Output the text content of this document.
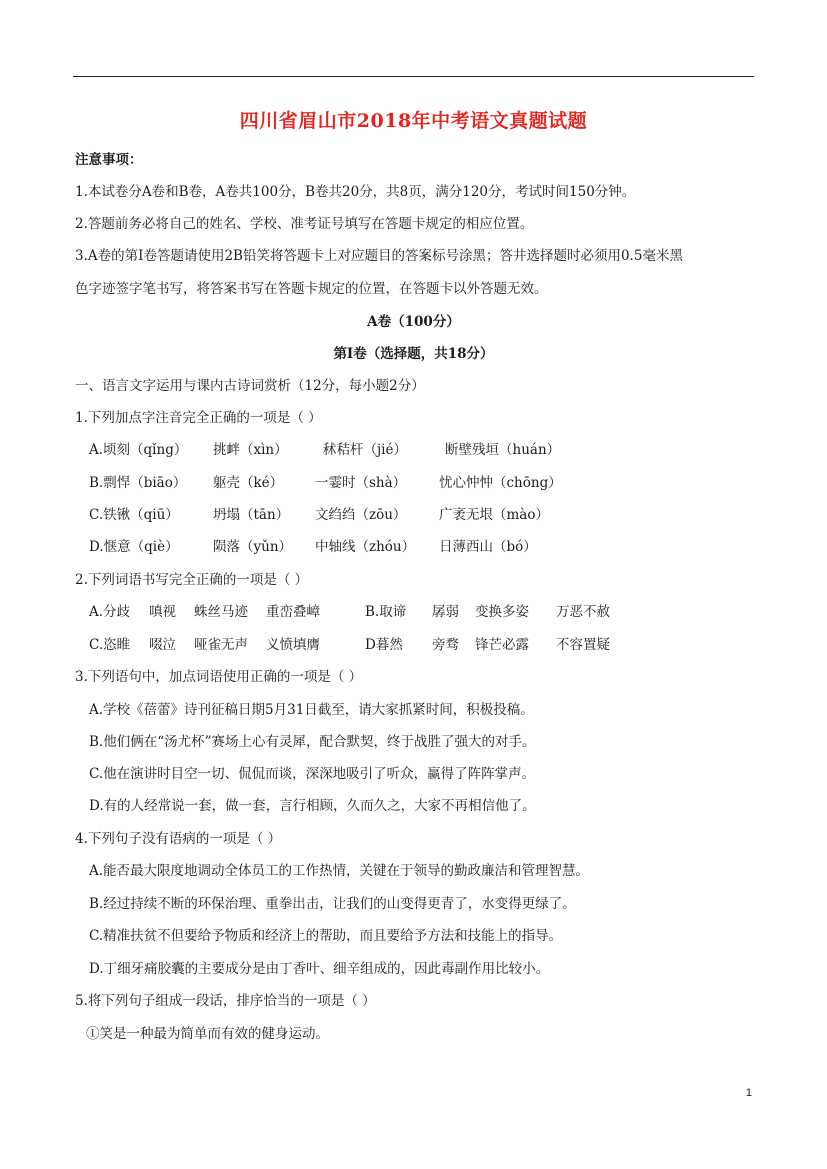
四川省眉山市2018年中考语文真题试题
注意事项：
1.本试卷分A卷和B卷，A卷共100分，B卷共20分，共8页，满分120分，考试时间150分钟。
2.答题前务必将自己的姓名、学校、准考证号填写在答题卡规定的相应位置。
3.A卷的第Ⅰ卷答题请使用2B铅笑将答题卡上对应题目的答案标号涂黑；答井选择题时必须用0.5毫米黑
色字迹签字笔书写，将答案书写在答题卡规定的位置，在答题卡以外答题无效。
A卷（100分）
第Ⅰ卷（选择题，共18分）
一、语言文字运用与课内古诗词赏析（12分，每小题2分）
1.下列加点字注音完全正确的一项是（ ）
A.顷刻（qǐng） 挑衅（xìn）	秫秸杆（jié）	断壁残垣（huán）
B.剽悍（biāo） 躯壳（ké） 一霎时（shà） 忧心忡忡（chōng）
C.铁锹（qiū）	坍塌（tān） 文绉绉（zōu） 广袤无垠（mào）
D.惬意（qiè）	陨落（yǔn） 中轴线（zhóu） 日薄西山（bó）
2.下列词语书写完全正确的一项是（ ）
A.分歧 嗔视 蛛丝马迹 重峦叠嶂	B.取谛 孱弱 变换多姿 万恶不赦
C.恣睢 啜泣 哑雀无声 义愤填膺	D暮然 旁骛 锋芒必露 不容置疑
3.下列语句中，加点词语使用正确的一项是（ ）
A.学校《蓓蕾》诗刊征稿日期5月31日截至，请大家抓紧时间，积极投稿。
B.他们俩在“汤尤杯”赛场上心有灵犀，配合默契，终于战胜了强大的对手。
C.他在演讲时目空一切、侃侃而谈，深深地吸引了听众，赢得了阵阵掌声。
D.有的人经常说一套，做一套，言行相顾，久而久之，大家不再相信他了。
4.下列句子没有语病的一项是（ ）
A.能否最大限度地调动全体员工的工作热情，关键在于领导的勤政廉洁和管理智慧。
B.经过持续不断的环保治理、重拳出击，让我们的山变得更青了，水变得更绿了。
C.精准扶贫不但要给予物质和经济上的帮助，而且要给予方法和技能上的指导。
D.丁细牙痛胶囊的主要成分是由丁香叶、细辛组成的，因此毒副作用比较小。
5.将下列句子组成一段话，排序恰当的一项是（ ）
①笑是一种最为简单而有效的健身运动。
1
